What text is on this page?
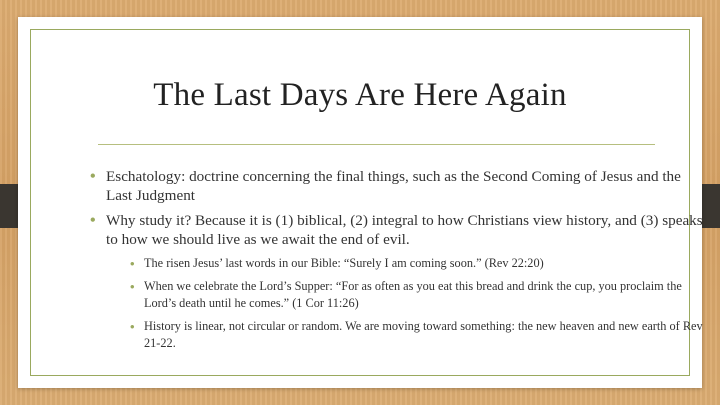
The Last Days Are Here Again
• Eschatology: doctrine concerning the final things, such as the Second Coming of Jesus and the Last Judgment
• Why study it? Because it is (1) biblical, (2) integral to how Christians view history, and (3) speaks to how we should live as we await the end of evil.
• The risen Jesus’ last words in our Bible: “Surely I am coming soon.” (Rev 22:20)
• When we celebrate the Lord’s Supper: “For as often as you eat this bread and drink the cup, you proclaim the Lord’s death until he comes.” (1 Cor 11:26)
• History is linear, not circular or random. We are moving toward something: the new heaven and new earth of Rev 21-22.
